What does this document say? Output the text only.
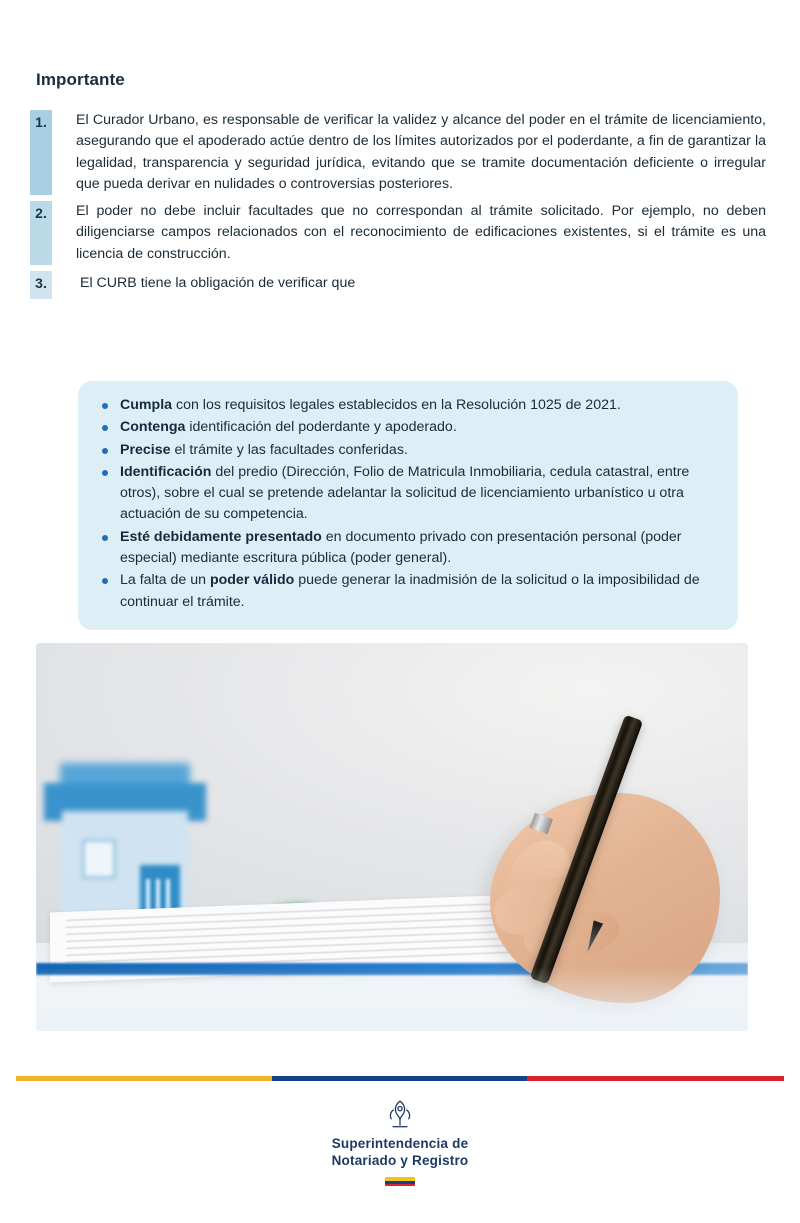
Importante
1.	El Curador Urbano, es responsable de verificar la validez y alcance del poder en el trámite de licenciamiento, asegurando que el apoderado actúe dentro de los límites autorizados por el poderdante, a fin de garantizar la legalidad, transparencia y seguridad jurídica, evitando que se tramite documentación deficiente o irregular que pueda derivar en nulidades o controversias posteriores.
2.	El poder no debe incluir facultades que no correspondan al trámite solicitado. Por ejemplo, no deben diligenciarse campos relacionados con el reconocimiento de edificaciones existentes, si el trámite es una licencia de construcción.
3.	El CURB tiene la obligación de verificar que
Cumpla con los requisitos legales establecidos en la Resolución 1025 de 2021.
Contenga identificación del poderdante y apoderado.
Precise el trámite y las facultades conferidas.
Identificación del predio (Dirección, Folio de Matricula Inmobiliaria, cedula catastral, entre otros), sobre el cual se pretende adelantar la solicitud de licenciamiento urbanístico u otra actuación de su competencia.
Esté debidamente presentado en documento privado con presentación personal (poder especial) mediante escritura pública (poder general).
La falta de un poder válido puede generar la inadmisión de la solicitud o la imposibilidad de continuar el trámite.
Superintendencia de
Notariado y Registro
